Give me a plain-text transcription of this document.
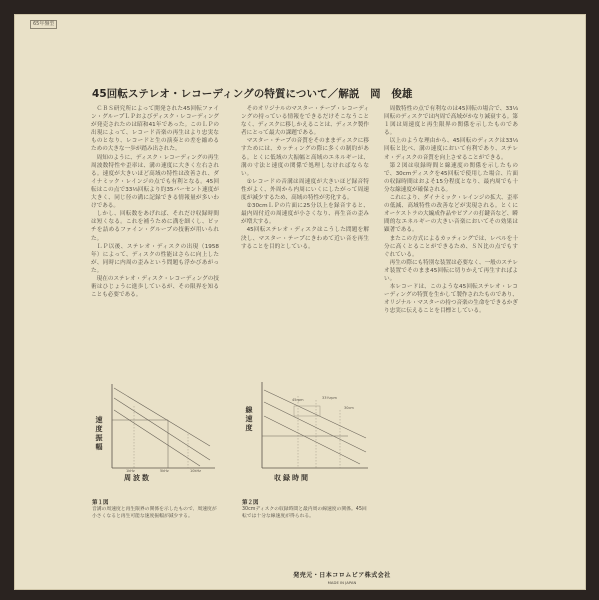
65年盤型
45回転ステレオ・レコーディングの特質について／解説　岡　俊雄

ＣＢＳ研究所によって開発された45回転ファイン・グループＬＰおよびディスク・レコーディングが発売されたのは昭和41年であった。このＬＰの出現によって、レコード音楽の再生はより忠実なものとなり、レコードと生の演奏との差を縮めるための大きな一歩が踏み出された。

周知のように、ディスク・レコーディングの再生周波数特性や歪率は、溝の速度に大きく左右される。速度が大きいほど高域の特性は改善され、ダイナミック・レインジの点でも有利となる。45回転はこの点で33⅓回転より約35パーセント速度が大きく、同じ径の溝に記録できる情報量が多いわけである。

しかし、回転数をあげれば、それだけ収録時間は短くなる。これを補うために溝を細くし、ピッチを詰めるファイン・グループの技術が用いられた。

ＬＰ以後、ステレオ・ディスクの出現（1958年）によって、ディスクの性能はさらに向上したが、同時に内周の歪みという問題も浮かびあがった。

現在のステレオ・ディスク・レコーディングの技術はひじょうに進歩しているが、その限界を知ることも必要である。

そのオリジナルのマスター・テープ・レコーディングの持っている情報をできるだけそこなうことなく、ディスクに移しかえることは、ディスク製作者にとって最大の課題である。

マスター・テープの音質をそのままディスクに移すためには、カッティングの際に多くの制約がある。とくに低域の大振幅と高域のエネルギーは、溝の寸法と速度の関係で処理しなければならない。

①レコードの音溝は周速度が大きいほど録音特性がよく、外周から内周にいくにしたがって周速度が減少するため、高域の特性が劣化する。

②30cmＬＰの片面に25分以上を録音すると、最内周付近の周速度が小さくなり、再生音の歪みが増大する。

45回転ステレオ・ディスクはこうした問題を解決し、マスター・テープにきわめて近い音を再生することを目的としている。

周数特性の点で有利なのは45回転の場合で、33⅓回転のディスクでは内周で高域がかなり減衰する。第１図は周速度と再生限界の関係を示したものである。

以上のような理由から、45回転のディスクは33⅓回転と比べ、溝の速度において有利であり、ステレオ・ディスクの音質を向上させることができる。

第２図は収録時間と線速度の関係を示したもので、30cmディスクを45回転で使用した場合、片面の収録時間はおよそ15分程度となり、最内周でも十分な線速度が確保される。

これにより、ダイナミック・レインジの拡大、歪率の低減、高域特性の改善などが実現される。とくにオーケストラの大編成作品やピアノの打鍵音など、瞬間的なエネルギーの大きい音楽においてその効果は顕著である。

またこの方式によるカッティングでは、レベルを十分に高くとることができるため、ＳＮ比の点でもすぐれている。

再生の際にも特別な装置は必要なく、一般のステレオ装置でそのまま45回転に切りかえて再生すればよい。

本レコードは、このような45回転ステレオ・レコーディングの特質を生かして製作されたものであり、オリジナル・マスターの持つ音楽の生命をできるかぎり忠実に伝えることを目標としている。

速度振幅
周波数
1kHz	5kHz	10kHz
第１図
音溝の周速度と再生限界の関係を示したもので、周速度が小さくなると再生可能な速度振幅が減少する。
線速度
収録時間
45rpm	33⅓rpm
30cm
第２図
30cmディスクの収録時間と最内周の線速度の関係。45回転では十分な線速度が得られる。
発売元・日本コロムビア株式会社
MADE IN JAPAN
